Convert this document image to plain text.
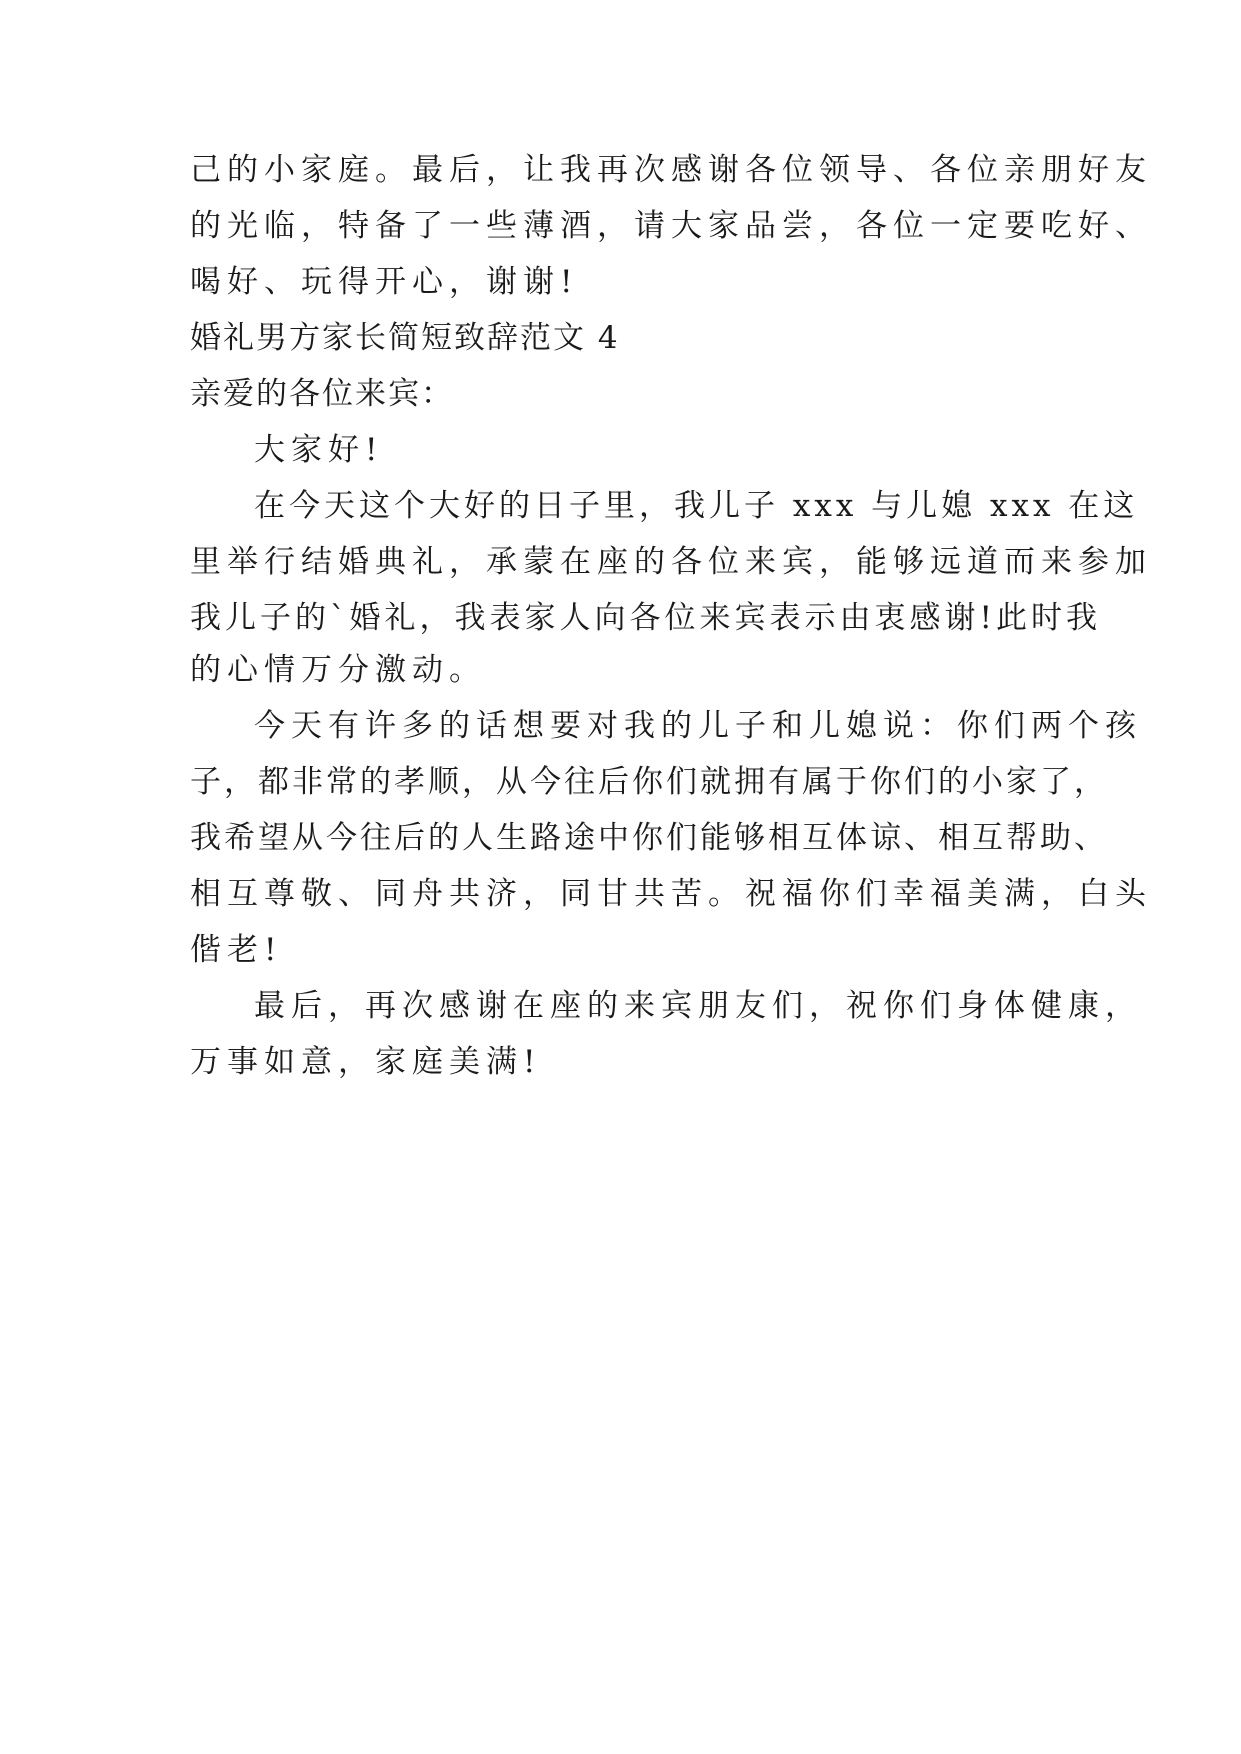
己的小家庭。最后，让我再次感谢各位领导、各位亲朋好友
的光临，特备了一些薄酒，请大家品尝，各位一定要吃好、
喝好、玩得开心，谢谢!
婚礼男方家长简短致辞范文 4
亲爱的各位来宾：
大家好!
在今天这个大好的日子里，我儿子 xxx 与儿媳 xxx 在这
里举行结婚典礼，承蒙在座的各位来宾，能够远道而来参加
我儿子的`婚礼，我表家人向各位来宾表示由衷感谢!此时我
的心情万分激动。
今天有许多的话想要对我的儿子和儿媳说：你们两个孩
子，都非常的孝顺，从今往后你们就拥有属于你们的小家了，
我希望从今往后的人生路途中你们能够相互体谅、相互帮助、
相互尊敬、同舟共济，同甘共苦。祝福你们幸福美满，白头
偕老!
最后，再次感谢在座的来宾朋友们，祝你们身体健康，
万事如意，家庭美满!
